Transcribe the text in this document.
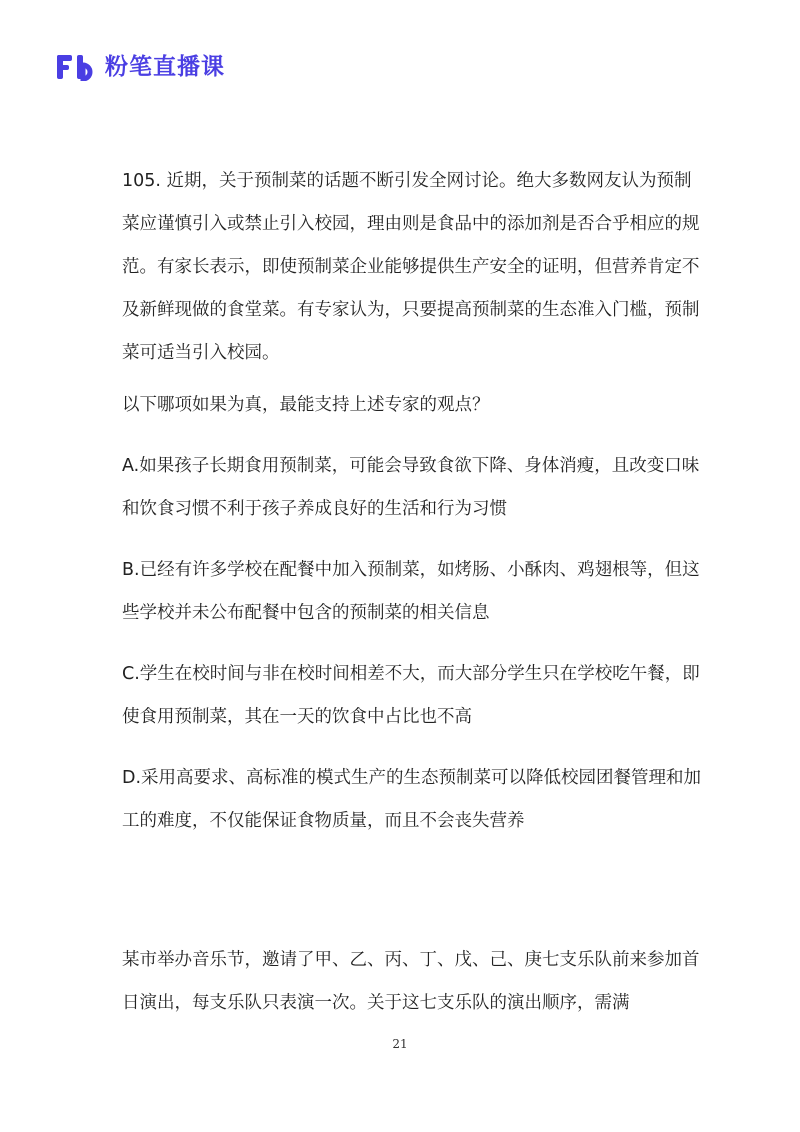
粉笔直播课

105. 近期，关于预制菜的话题不断引发全网讨论。绝大多数网友认为预制菜应谨慎引入或禁止引入校园，理由则是食品中的添加剂是否合乎相应的规范。有家长表示，即使预制菜企业能够提供生产安全的证明，但营养肯定不及新鲜现做的食堂菜。有专家认为，只要提高预制菜的生态准入门槛，预制菜可适当引入校园。

以下哪项如果为真，最能支持上述专家的观点？

A.如果孩子长期食用预制菜，可能会导致食欲下降、身体消瘦，且改变口味和饮食习惯不利于孩子养成良好的生活和行为习惯

B.已经有许多学校在配餐中加入预制菜，如烤肠、小酥肉、鸡翅根等，但这些学校并未公布配餐中包含的预制菜的相关信息

C.学生在校时间与非在校时间相差不大，而大部分学生只在学校吃午餐，即使食用预制菜，其在一天的饮食中占比也不高

D.采用高要求、高标准的模式生产的生态预制菜可以降低校园团餐管理和加工的难度，不仅能保证食物质量，而且不会丧失营养

某市举办音乐节，邀请了甲、乙、丙、丁、戊、己、庚七支乐队前来参加首日演出，每支乐队只表演一次。关于这七支乐队的演出顺序，需满

21
